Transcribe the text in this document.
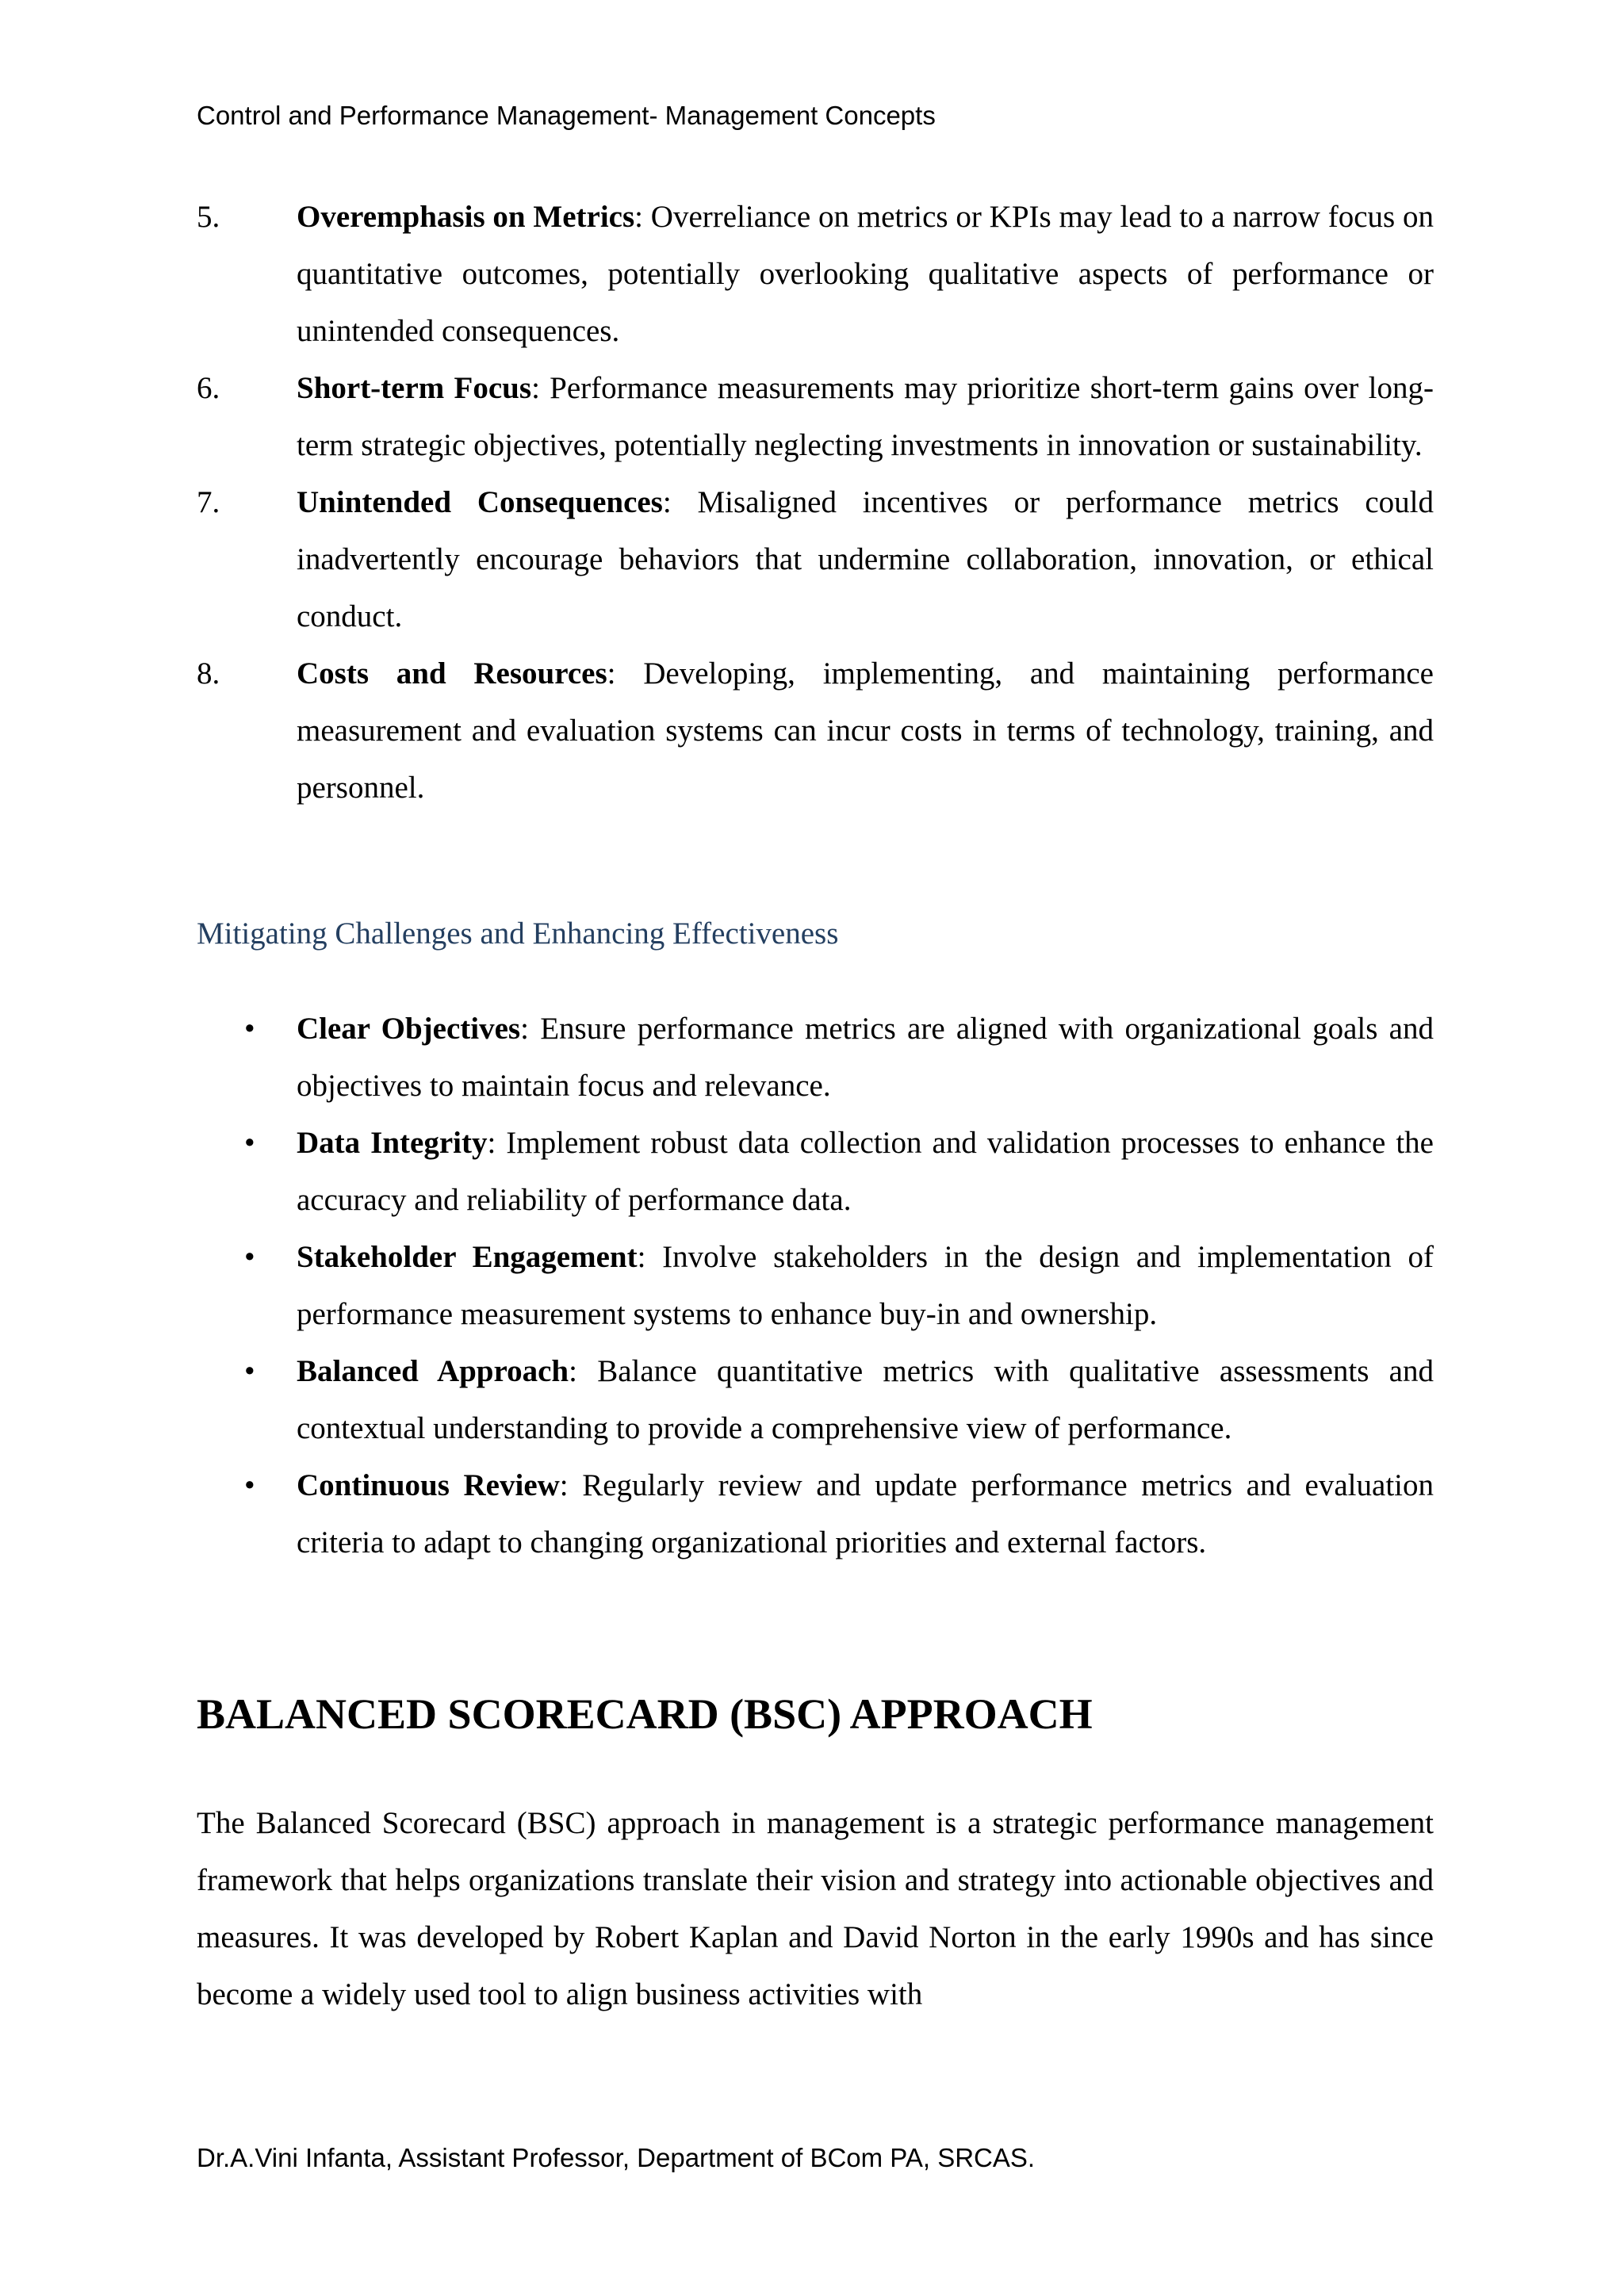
Control and Performance Management- Management Concepts
5.	Overemphasis on Metrics: Overreliance on metrics or KPIs may lead to a narrow focus on quantitative outcomes, potentially overlooking qualitative aspects of performance or unintended consequences.
6.	Short-term Focus: Performance measurements may prioritize short-term gains over long-term strategic objectives, potentially neglecting investments in innovation or sustainability.
7.	Unintended Consequences: Misaligned incentives or performance metrics could inadvertently encourage behaviors that undermine collaboration, innovation, or ethical conduct.
8.	Costs and Resources: Developing, implementing, and maintaining performance measurement and evaluation systems can incur costs in terms of technology, training, and personnel.
Mitigating Challenges and Enhancing Effectiveness
•	Clear Objectives: Ensure performance metrics are aligned with organizational goals and objectives to maintain focus and relevance.
•	Data Integrity: Implement robust data collection and validation processes to enhance the accuracy and reliability of performance data.
•	Stakeholder Engagement: Involve stakeholders in the design and implementation of performance measurement systems to enhance buy-in and ownership.
•	Balanced Approach: Balance quantitative metrics with qualitative assessments and contextual understanding to provide a comprehensive view of performance.
•	Continuous Review: Regularly review and update performance metrics and evaluation criteria to adapt to changing organizational priorities and external factors.
BALANCED SCORECARD (BSC) APPROACH

The Balanced Scorecard (BSC) approach in management is a strategic performance management framework that helps organizations translate their vision and strategy into actionable objectives and measures. It was developed by Robert Kaplan and David Norton in the early 1990s and has since become a widely used tool to align business activities with

Dr.A.Vini Infanta, Assistant Professor, Department of BCom PA, SRCAS.
